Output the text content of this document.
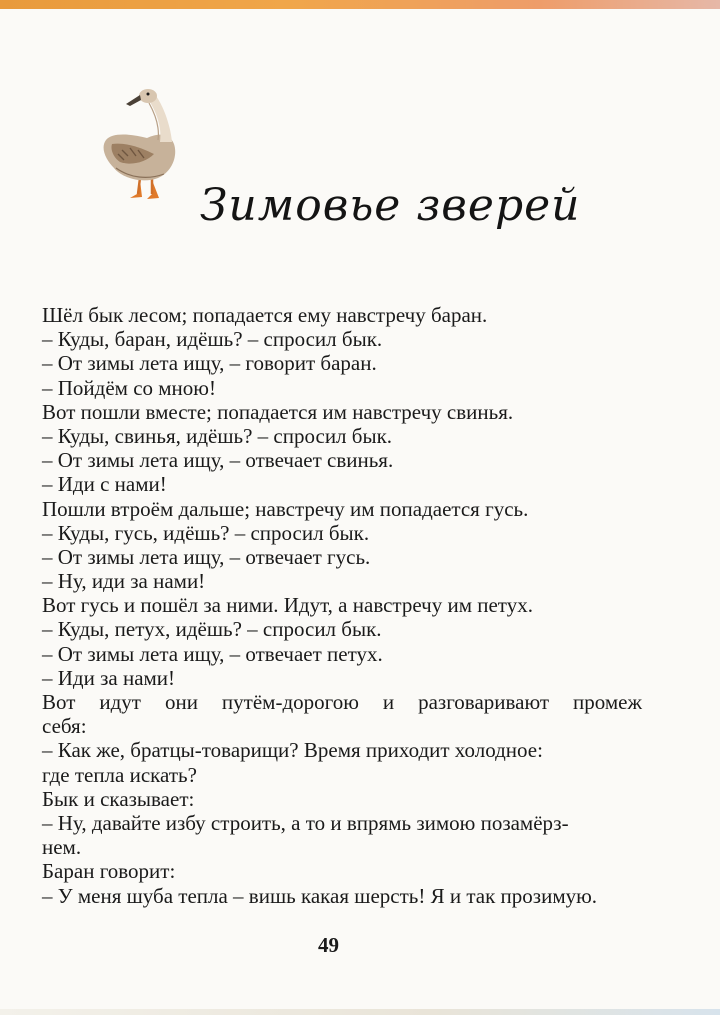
Зимовье зверей
Шёл бык лесом; попадается ему навстречу баран.
– Куды, баран, идёшь? – спросил бык.
– От зимы лета ищу, – говорит баран.
– Пойдём со мною!
Вот пошли вместе; попадается им навстречу свинья.
– Куды, свинья, идёшь? – спросил бык.
– От зимы лета ищу, – отвечает свинья.
– Иди с нами!
Пошли втроём дальше; навстречу им попадается гусь.
– Куды, гусь, идёшь? – спросил бык.
– От зимы лета ищу, – отвечает гусь.
– Ну, иди за нами!
Вот гусь и пошёл за ними. Идут, а навстречу им петух.
– Куды, петух, идёшь? – спросил бык.
– От зимы лета ищу, – отвечает петух.
– Иди за нами!
Вот идут они путём-дорогою и разговаривают промеж
себя:
– Как же, братцы-товарищи? Время приходит холодное:
где тепла искать?
Бык и сказывает:
– Ну, давайте избу строить, а то и впрямь зимою позамёрз-
нем.
Баран говорит:
– У меня шуба тепла – вишь какая шерсть! Я и так прозимую.
49
